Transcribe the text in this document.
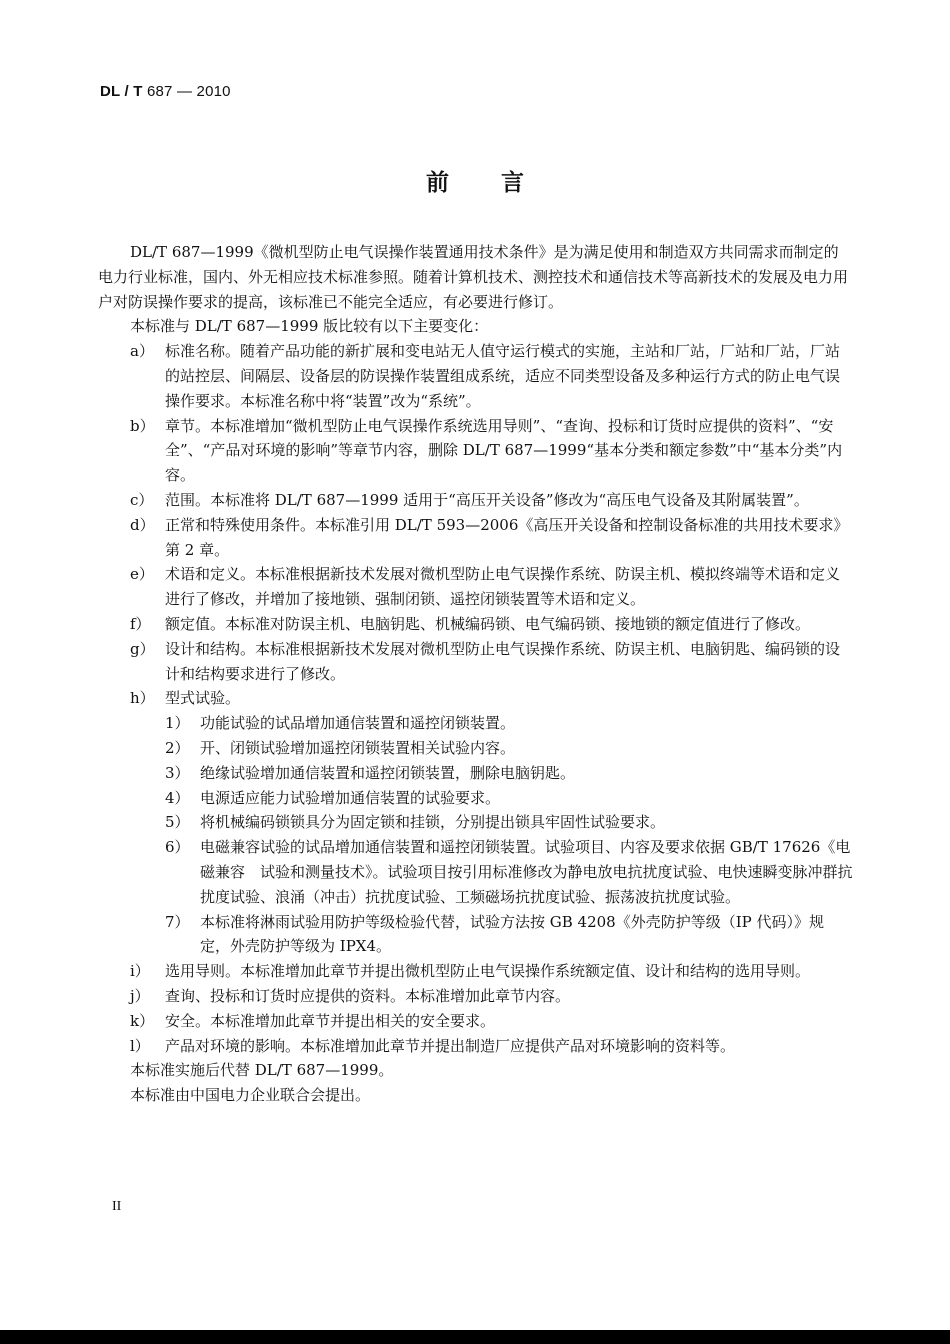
DL / T 687 — 2010
前言

DL/T 687—1999《微机型防止电气误操作装置通用技术条件》是为满足使用和制造双方共同需求而制定的电力行业标准，国内、外无相应技术标准参照。随着计算机技术、测控技术和通信技术等高新技术的发展及电力用户对防误操作要求的提高，该标准已不能完全适应，有必要进行修订。

本标准与 DL/T 687—1999 版比较有以下主要变化：

a） 标准名称。随着产品功能的新扩展和变电站无人值守运行模式的实施，主站和厂站，厂站和厂站，厂站的站控层、间隔层、设备层的防误操作装置组成系统，适应不同类型设备及多种运行方式的防止电气误操作要求。本标准名称中将“装置”改为“系统”。
b） 章节。本标准增加“微机型防止电气误操作系统选用导则”、“查询、投标和订货时应提供的资料”、“安全”、“产品对环境的影响”等章节内容，删除 DL/T 687—1999“基本分类和额定参数”中“基本分类”内容。
c） 范围。本标准将 DL/T 687—1999 适用于“高压开关设备”修改为“高压电气设备及其附属装置”。
d） 正常和特殊使用条件。本标准引用 DL/T 593—2006《高压开关设备和控制设备标准的共用技术要求》第 2 章。
e） 术语和定义。本标准根据新技术发展对微机型防止电气误操作系统、防误主机、模拟终端等术语和定义进行了修改，并增加了接地锁、强制闭锁、遥控闭锁装置等术语和定义。
f） 额定值。本标准对防误主机、电脑钥匙、机械编码锁、电气编码锁、接地锁的额定值进行了修改。
g） 设计和结构。本标准根据新技术发展对微机型防止电气误操作系统、防误主机、电脑钥匙、编码锁的设计和结构要求进行了修改。
h） 型式试验。
1） 功能试验的试品增加通信装置和遥控闭锁装置。
2） 开、闭锁试验增加遥控闭锁装置相关试验内容。
3） 绝缘试验增加通信装置和遥控闭锁装置，删除电脑钥匙。
4） 电源适应能力试验增加通信装置的试验要求。
5） 将机械编码锁锁具分为固定锁和挂锁，分别提出锁具牢固性试验要求。
6） 电磁兼容试验的试品增加通信装置和遥控闭锁装置。试验项目、内容及要求依据 GB/T 17626《电磁兼容　试验和测量技术》。试验项目按引用标准修改为静电放电抗扰度试验、电快速瞬变脉冲群抗扰度试验、浪涌（冲击）抗扰度试验、工频磁场抗扰度试验、振荡波抗扰度试验。
7） 本标准将淋雨试验用防护等级检验代替，试验方法按 GB 4208《外壳防护等级（IP 代码）》规定，外壳防护等级为 IPX4。
i）	选用导则。本标准增加此章节并提出微机型防止电气误操作系统额定值、设计和结构的选用导则。
j）	查询、投标和订货时应提供的资料。本标准增加此章节内容。
k） 安全。本标准增加此章节并提出相关的安全要求。
l）	产品对环境的影响。本标准增加此章节并提出制造厂应提供产品对环境影响的资料等。

本标准实施后代替 DL/T 687—1999。

本标准由中国电力企业联合会提出。

II
